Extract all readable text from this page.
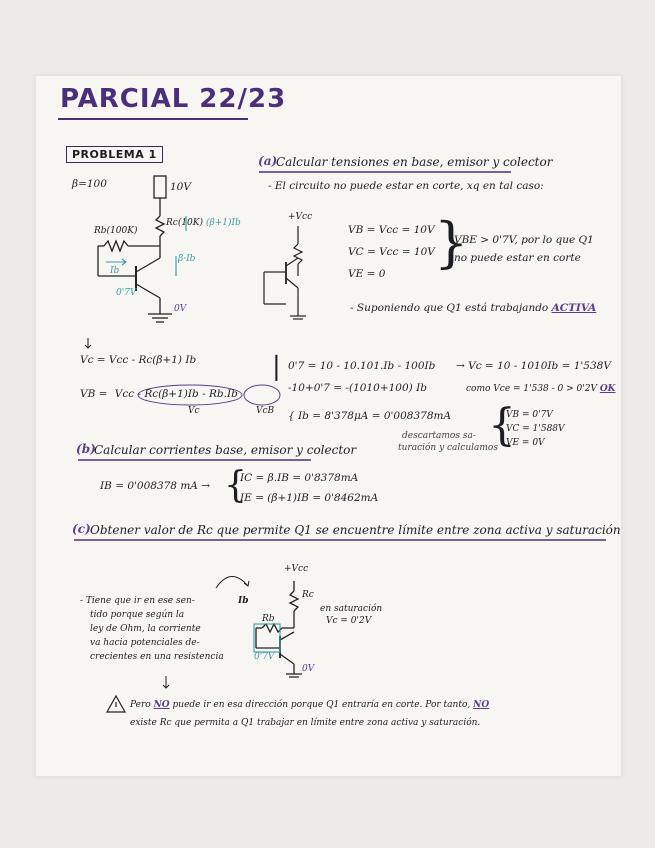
PARCIAL 22/23
PROBLEMA 1
β=100	10V
Rb(100K)
Rc(10K) (β+1)Ib
Ib
β·Ib
0'7V
0V
(a)
Calcular tensiones en base, emisor y colector
- El circuito no puede estar en corte, xq en tal caso:
+Vcc
VB = Vcc = 10V
VC = Vcc = 10V
VE = 0 }
VBE > 0'7V, por lo que Q1
no puede estar en corte
- Suponiendo que Q1 está trabajando ACTIVA
Vc = Vcc - Rc(β+1) Ib
VB = Vcc - Rc(β+1)Ib - Rb.Ib
Vc	VcB
| 0'7 = 10 - 10.101.Ib - 100Ib → Vc = 10 - 1010Ib = 1'538V
-10+0'7 = -(1010+100) Ib	como Vce = 1'538 - 0 > 0'2V OK
{ Ib = 8'378μA = 0'008378mA
descartamos sa-
turación y calculamos
{
VB = 0'7V
VC = 1'588V
VE = 0V
(b)
Calcular corrientes base, emisor y colector
IB = 0'008378 mA → {
IC = β.IB = 0'8378mA
IE = (β+1)IB = 0'8462mA
(c) Obtener valor de Rc que permite Q1 se encuentre límite entre zona activa y saturación
+Vcc
Rc
Rb
Ib
0'7V
0V
en saturación
Vc = 0'2V
- Tiene que ir en ese sen-
tido porque según la
ley de Ohm, la corriente
va hacia potenciales de-
crecientes en una resistencia
Pero NO puede ir en esa dirección porque Q1 entraría en corte. Por tanto, NO
existe Rc que permita a Q1 trabajar en límite entre zona activa y saturación.
